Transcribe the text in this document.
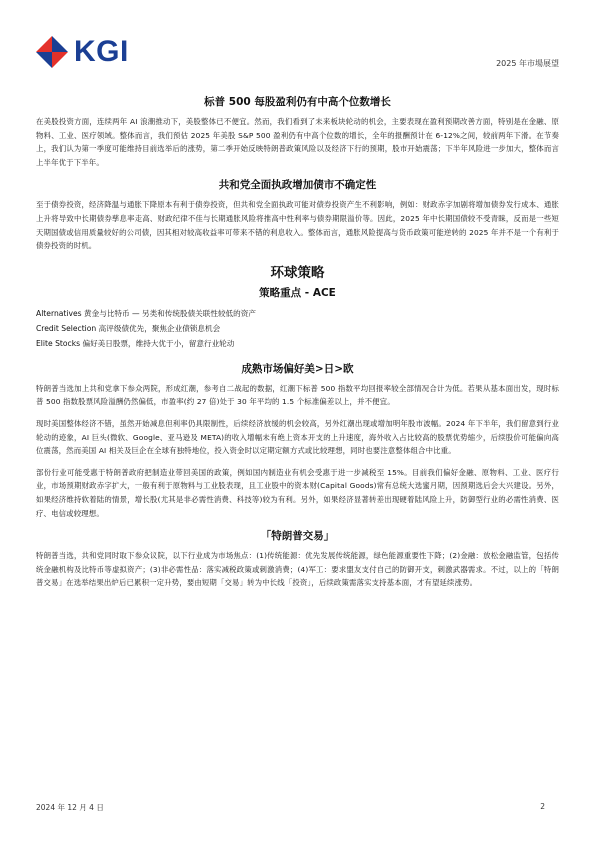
KGI	2025 年市場展望
标普 500 每股盈利仍有中高个位数增长

在美股投资方面，连续两年 AI 浪潮推动下，美股整体已不便宜。然而，我们看到了未来板块轮动的机会，主要表现在盈利预期改善方面，特别是在金融、原物料、工业、医疗领域。整体而言，我们预估 2025 年美股 S&P 500 盈利仍有中高个位数的增长，全年的报酬预计在 6-12%之间，较前两年下滑。在节奏上，我们认为第一季度可能维持目前选举后的涨势，第二季开始反映特朗普政策风险以及经济下行的预期，股市开始震荡；下半年风险进一步加大，整体而言上半年优于下半年。

共和党全面执政增加债市不确定性

至于债券投资，经济降温与通胀下降原本有利于债券投资，但共和党全面执政可能对债券投资产生不利影响，例如：财政赤字加剧将增加债券发行成本、通胀上升将导致中长期债券孳息率走高、财政纪律不佳与长期通胀风险将推高中性利率与债券期限溢价等。因此，2025 年中长期国债较不受青睐，反而是一些短天期国债或信用质量较好的公司债，因其相对较高收益率可带来不错的利息收入。整体而言，通胀风险提高与货币政策可能逆转的 2025 年并不是一个有利于债券投资的时机。

环球策略
策略重点 - ACE

Alternatives 黄金与比特币 — 另类和传统股债关联性较低的资产

Credit Selection 高评级债优先，聚焦企业债锁息机会

Elite Stocks 偏好美日股票，维持大优于小，留意行业轮动

成熟市场偏好美>日>欧

特朗普当选加上共和党拿下参众两院，形成红潮，参考自二战起的数据，红潮下标普 500 指数平均回报率较全部情况合计为低。若果从基本面出发，现时标普 500 指数股票风险溢酬仍然偏低，市盈率(约 27 倍)处于 30 年平均的 1.5 个标准偏差以上，并不便宜。

现时美国整体经济不错，虽然开始减息但利率仍具限制性，后续经济放缓的机会较高，另外红潮出现或增加明年股市波幅。2024 年下半年，我们留意到行业轮动的迹象，AI 巨头(微软、Google、亚马逊及 META)的收入增幅未有绝上资本开支的上升速度，海外收入占比较高的股票优势缩少，后续股价可能偏向高位震荡，然而美国 AI 相关及巨企在全球有独特地位，投入资金时以定期定额方式或比较理想，同时也要注意整体组合中比重。

部份行业可能受惠于特朗普政府把制造业带回美国的政策，例如国内制造业有机会受惠于进一步减税至 15%。目前我们偏好金融、原物料、工业、医疗行业，市场预期财政赤字扩大，一般有利于原物料与工业股表现，且工业股中的资本财(Capital Goods)常有总统大选蜜月期，因预期选后会大兴建设。另外，如果经济维持软着陆的情景，增长股(尤其是非必需性消费、科技等)较为有利。另外，如果经济显著转差出现硬着陆风险上升，防御型行业的必需性消费、医疗、电信或较理想。

「特朗普交易」

特朗普当选，共和党同时取下参众议院，以下行业成为市场焦点：(1)传统能源：优先发展传统能源，绿色能源重要性下降；(2)金融：放松金融监管，包括传统金融机构及比特币等虚拟资产；(3)非必需性品：落实减税政策或刺激消费；(4)军工：要求盟友支付自己的防御开支，刺激武器需求。不过，以上的「特朗普交易」在选举结果出炉后已累积一定升势，要由短期「交易」转为中长线「投资」，后续政策需落实支持基本面，才有望延续涨势。

2024 年 12 月 4 日	2
